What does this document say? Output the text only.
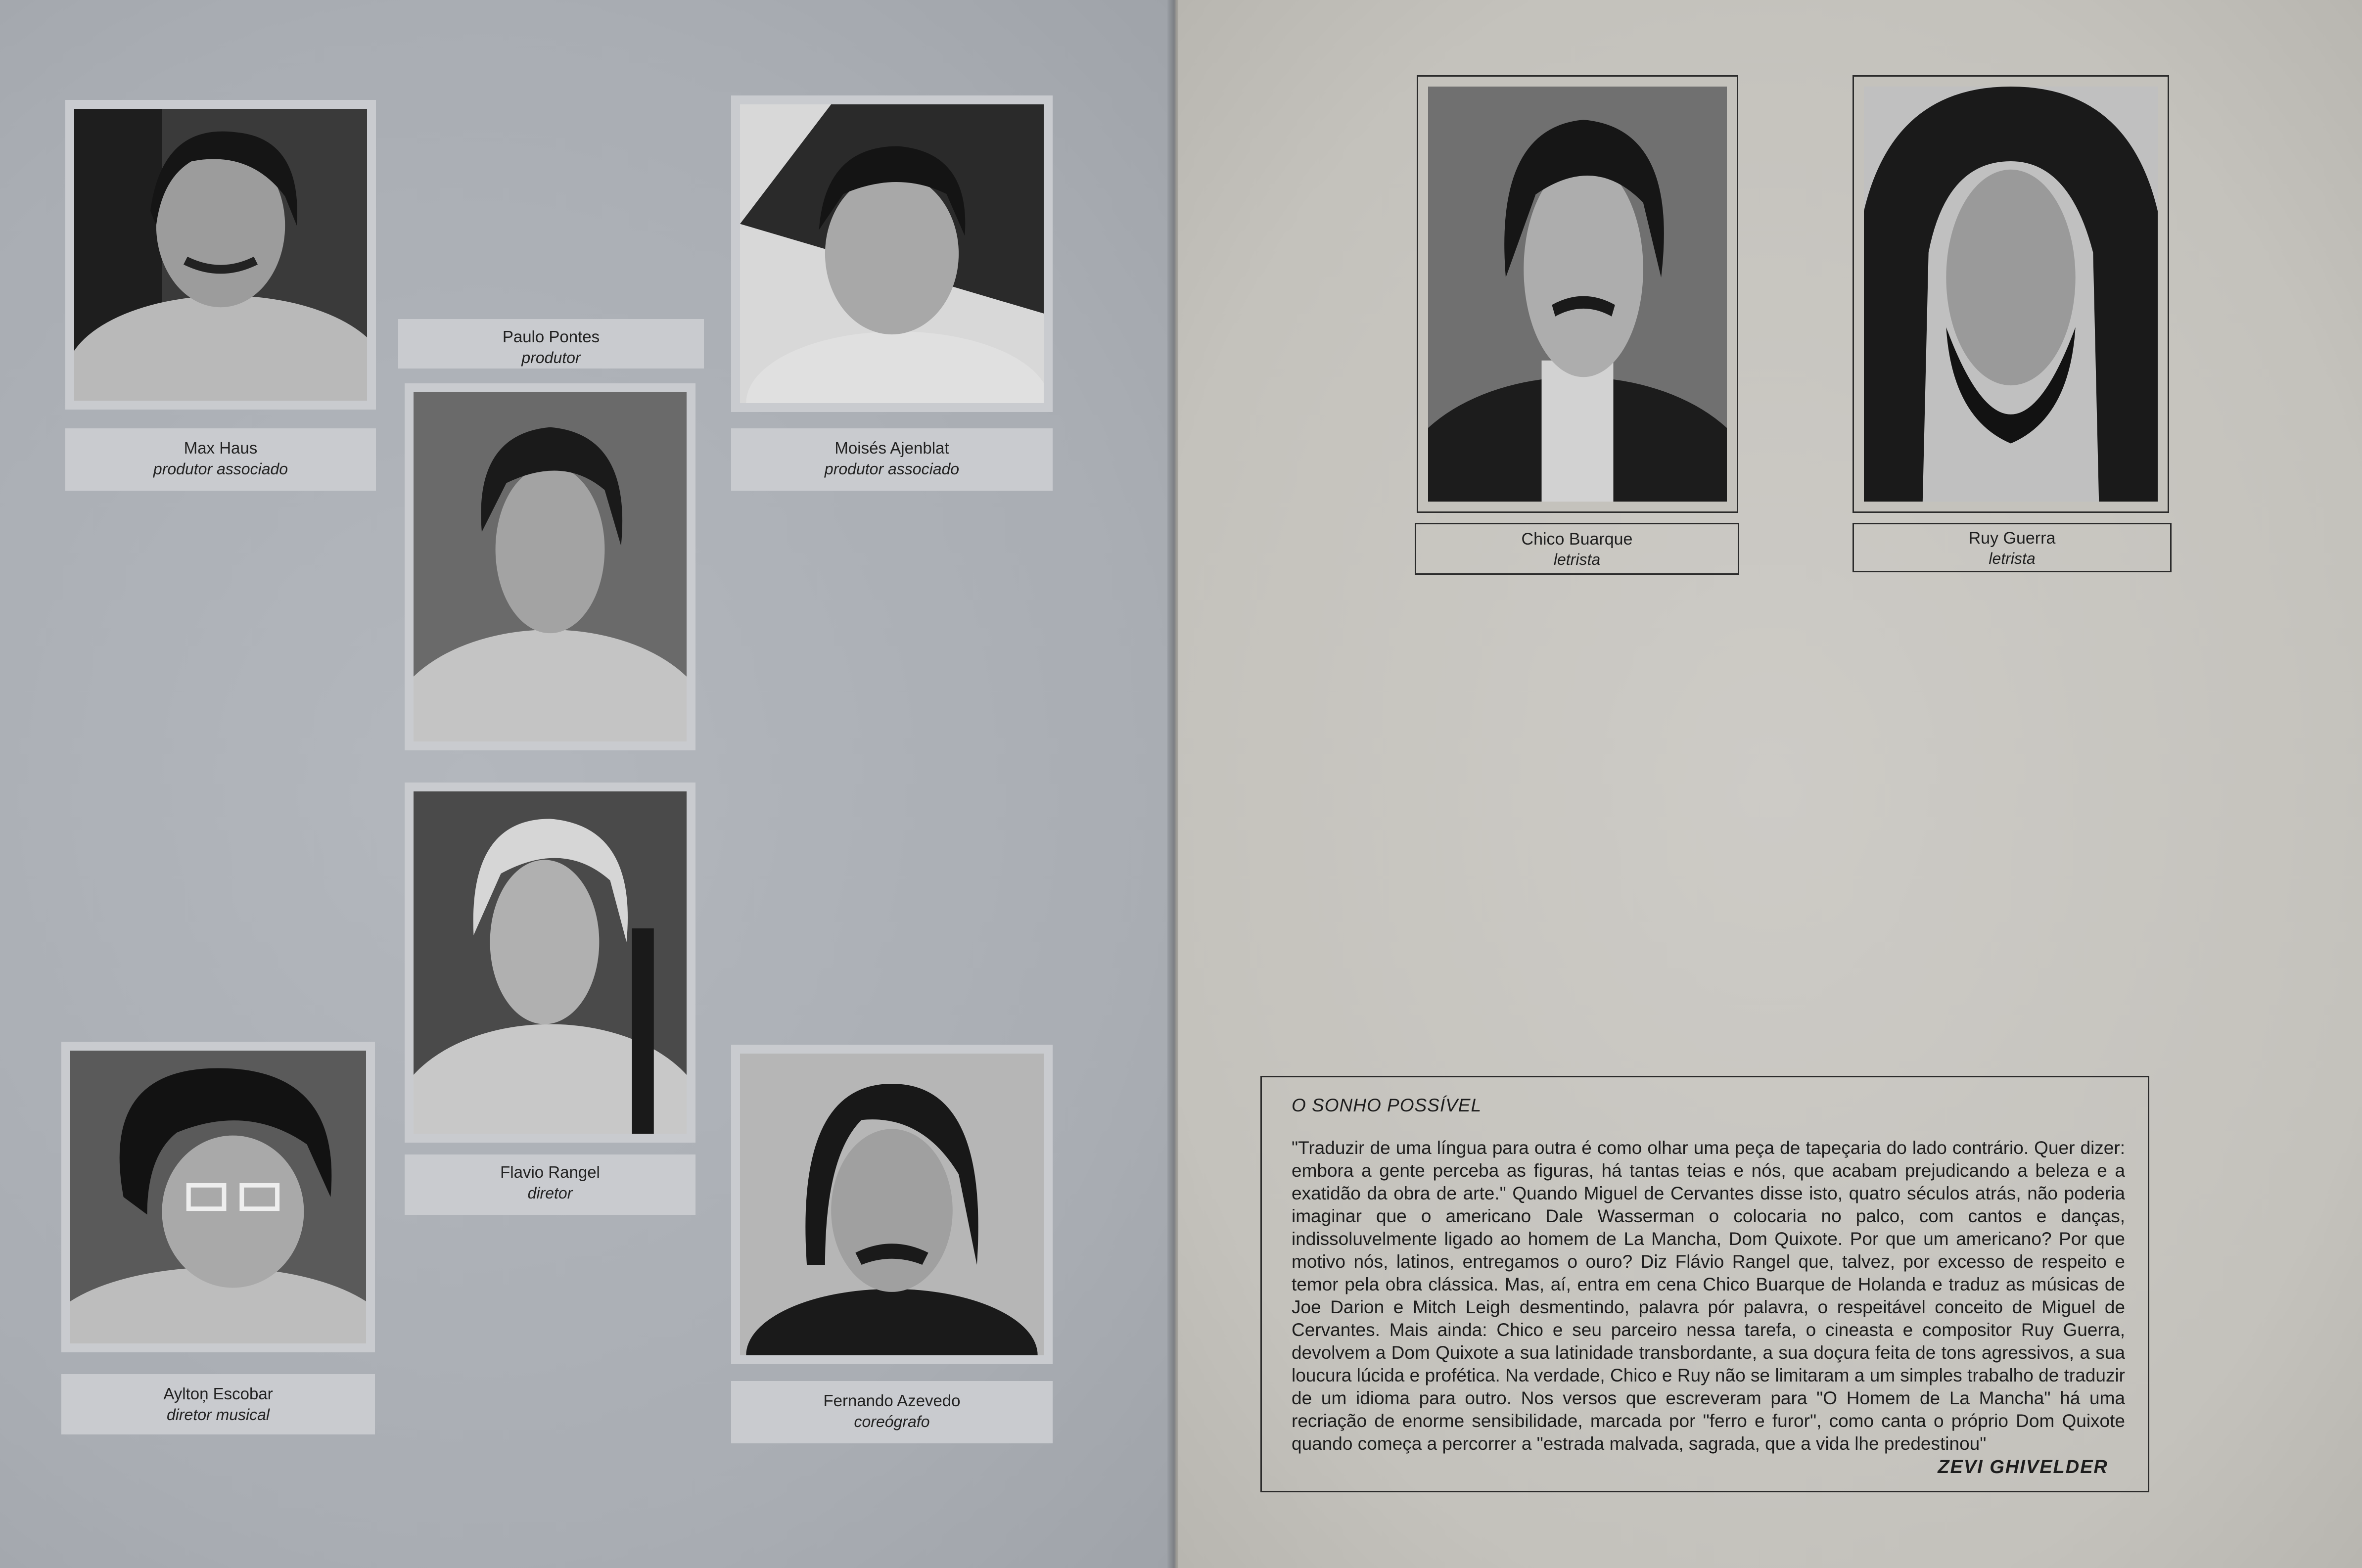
Max Haus
produtor associado
Paulo Pontes
produtor
Moisés Ajenblat
produtor associado
Flavio Rangel
diretor
Ayltoņ Escobar
diretor musical
Fernando Azevedo
coreógrafo
Chico Buarque
letrista
Ruy Guerra
letrista
O SONHO POSSÍVEL
"Traduzir de uma língua para outra é como olhar uma peça de tapeçaria do lado contrário. Quer dizer: embora a gente perceba as figuras, há tantas teias e nós, que acabam prejudicando a beleza e a exatidão da obra de arte." Quando Miguel de Cervantes disse isto, quatro séculos atrás, não poderia imaginar que o americano Dale Wasserman o colocaria no palco, com cantos e danças, indissoluvelmente ligado ao homem de La Mancha, Dom Quixote. Por que um americano? Por que motivo nós, latinos, entregamos o ouro? Diz Flávio Rangel que, talvez, por excesso de respeito e temor pela obra clássica. Mas, aí, entra em cena Chico Buarque de Holanda e traduz as músicas de Joe Darion e Mitch Leigh desmentindo, palavra pór palavra, o respeitável conceito de Miguel de Cervantes. Mais ainda: Chico e seu parceiro nessa tarefa, o cineasta e compositor Ruy Guerra, devolvem a Dom Quixote a sua latinidade transbordante, a sua doçura feita de tons agressivos, a sua loucura lúcida e profética. Na verdade, Chico e Ruy não se limitaram a um simples trabalho de traduzir de um idioma para outro. Nos versos que escreveram para "O Homem de La Mancha" há uma recriação de enorme sensibilidade, marcada por "ferro e furor", como canta o próprio Dom Quixote quando começa a percorrer a "estrada malvada, sagrada, que a vida lhe predestinou"
ZEVI GHIVELDER
